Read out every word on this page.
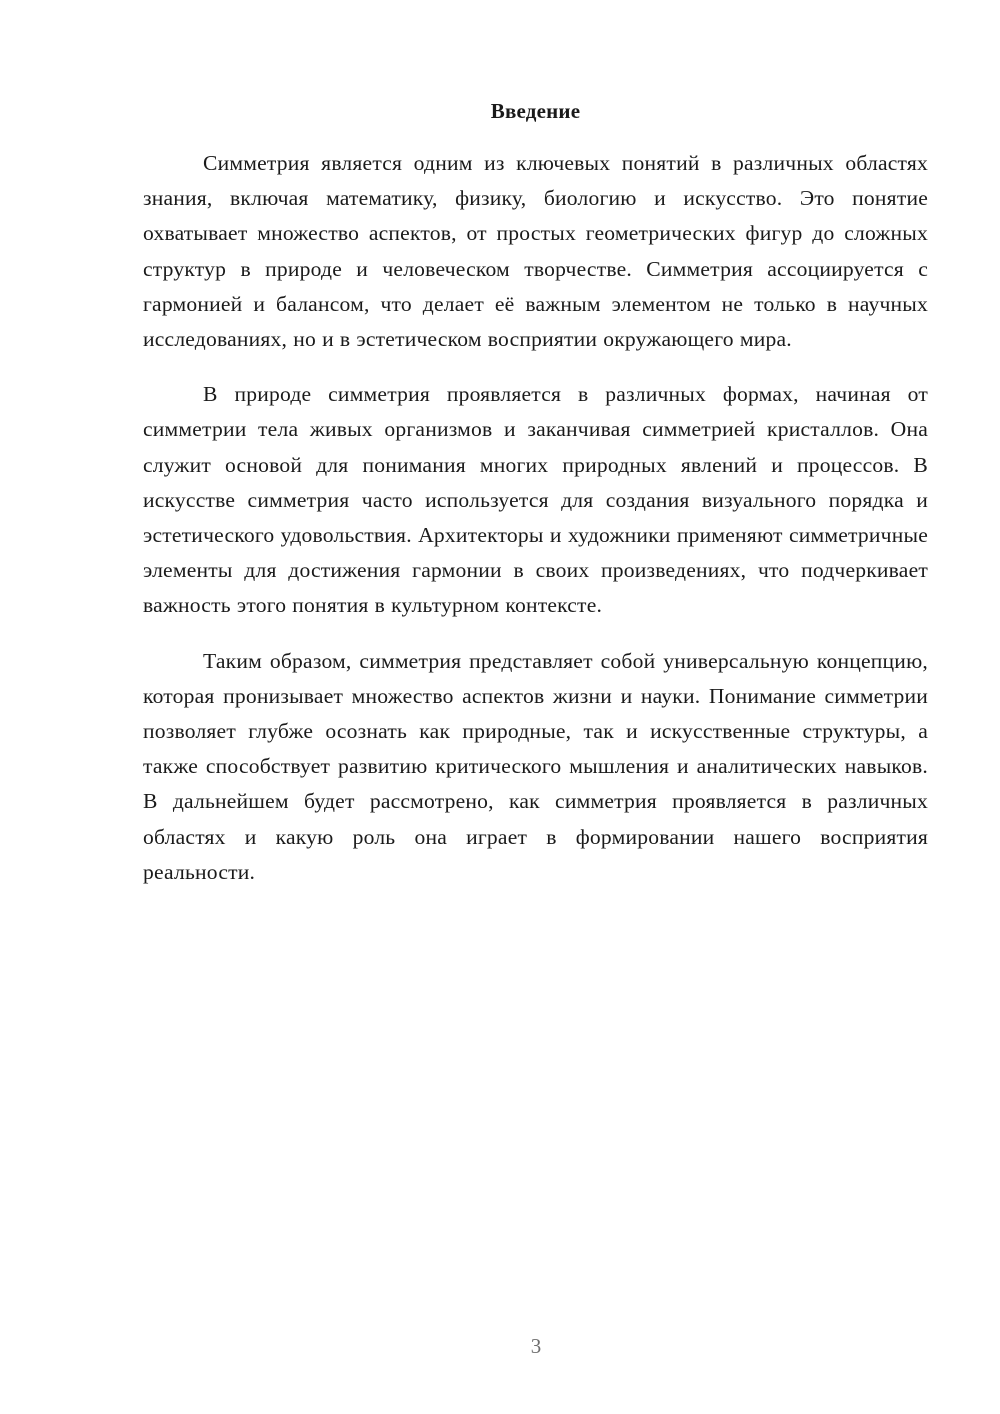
Введение

Симметрия является одним из ключевых понятий в различных областях знания, включая математику, физику, биологию и искусство. Это понятие охватывает множество аспектов, от простых геометрических фигур до сложных структур в природе и человеческом творчестве. Симметрия ассоциируется с гармонией и балансом, что делает её важным элементом не только в научных исследованиях, но и в эстетическом восприятии окружающего мира.

В природе симметрия проявляется в различных формах, начиная от симметрии тела живых организмов и заканчивая симметрией кристаллов. Она служит основой для понимания многих природных явлений и процессов. В искусстве симметрия часто используется для создания визуального порядка и эстетического удовольствия. Архитекторы и художники применяют симметричные элементы для достижения гармонии в своих произведениях, что подчеркивает важность этого понятия в культурном контексте.

Таким образом, симметрия представляет собой универсальную концепцию, которая пронизывает множество аспектов жизни и науки. Понимание симметрии позволяет глубже осознать как природные, так и искусственные структуры, а также способствует развитию критического мышления и аналитических навыков. В дальнейшем будет рассмотрено, как симметрия проявляется в различных областях и какую роль она играет в формировании нашего восприятия реальности.

3
